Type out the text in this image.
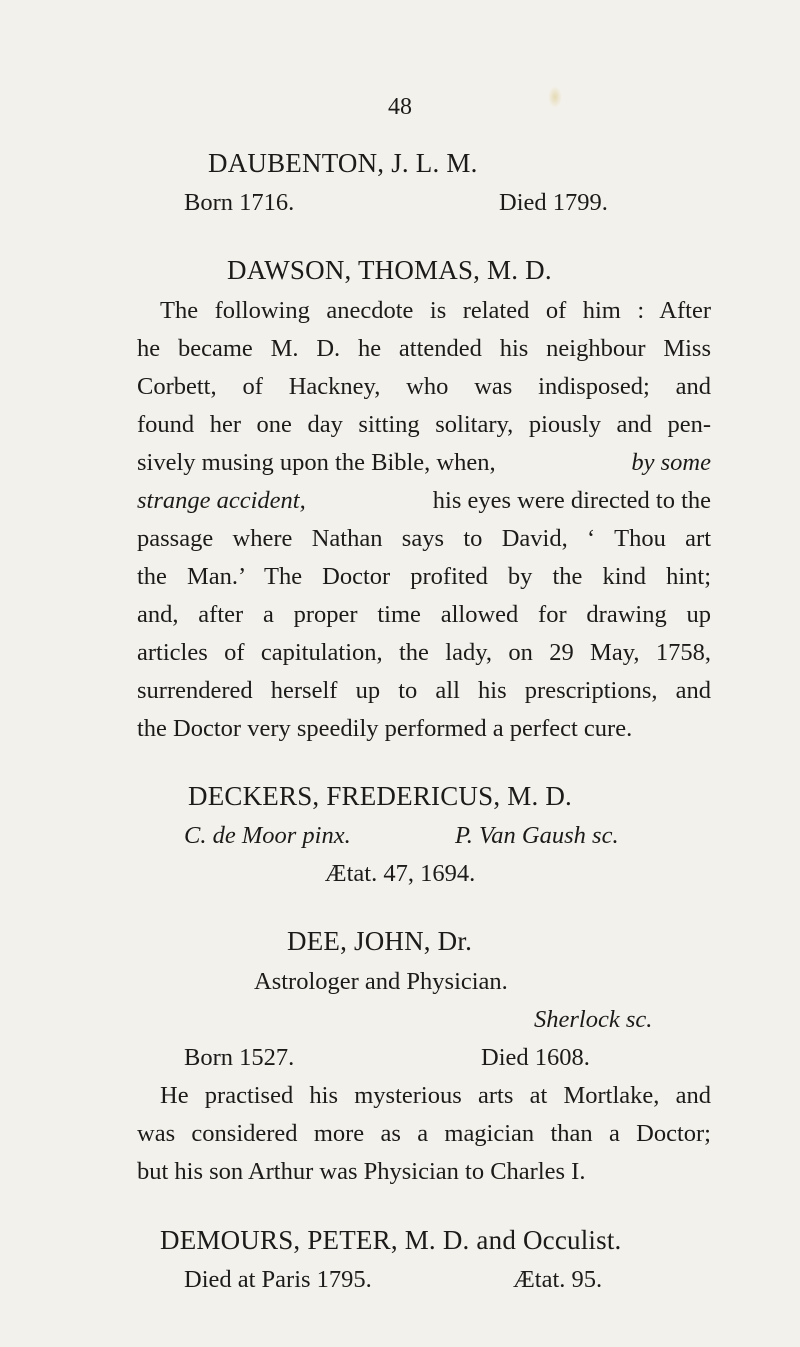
48
DAUBENTON, J. L. M.
Born 1716.	Died 1799.
DAWSON, THOMAS, M. D.
The following anecdote is related of him : After
he became M. D. he attended his neighbour Miss
Corbett, of Hackney, who was indisposed; and
found her one day sitting solitary, piously and pen-
sively musing upon the Bible, when,	by some
strange accident,	his eyes were directed to the
passage where Nathan says to David, ‘ Thou art
the Man.’ The Doctor profited by the kind hint;
and, after a proper time allowed for drawing up
articles of capitulation, the lady, on 29 May, 1758,
surrendered herself up to all his prescriptions, and
the Doctor very speedily performed a perfect cure.
DECKERS, FREDERICUS, M. D.
C. de Moor pinx.	P. Van Gaush sc.
Ætat. 47, 1694.
DEE, JOHN, Dr.
Astrologer and Physician.
Sherlock sc.
Born 1527.	Died 1608.
He practised his mysterious arts at Mortlake, and
was considered more as a magician than a Doctor;
but his son Arthur was Physician to Charles I.
DEMOURS, PETER, M. D. and Occulist.
Died at Paris 1795.	Ætat. 95.
